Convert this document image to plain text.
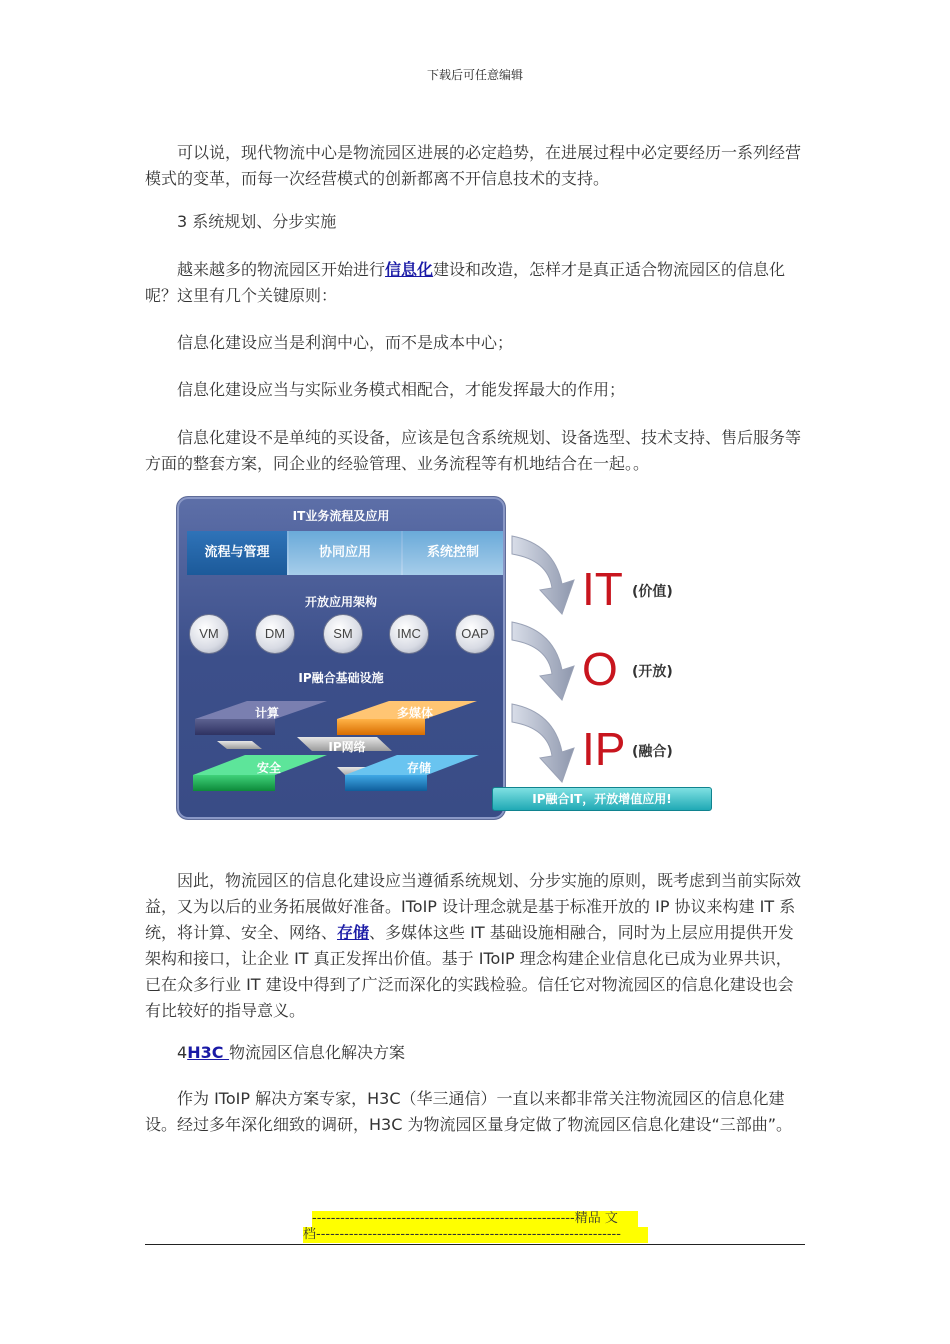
下载后可任意编辑

可以说，现代物流中心是物流园区进展的必定趋势，在进展过程中必定要经历一系列经营模式的变革，而每一次经营模式的创新都离不开信息技术的支持。

3 系统规划、分步实施

越来越多的物流园区开始进行信息化建设和改造，怎样才是真正适合物流园区的信息化呢？这里有几个关键原则：

信息化建设应当是利润中心，而不是成本中心；

信息化建设应当与实际业务模式相配合，才能发挥最大的作用；

信息化建设不是单纯的买设备，应该是包含系统规划、设备选型、技术支持、售后服务等方面的整套方案，同企业的经验管理、业务流程等有机地结合在一起。。

IT业务流程及应用
流程与管理	协同应用	系统控制
开放应用架构
VM	DM	SM	IMC	OAP
IP融合基础设施
计算	多媒体
IP网络
安全	存储
IT (价值)
O (开放)
IP (融合)
IP融合IT，开放增值应用!

因此，物流园区的信息化建设应当遵循系统规划、分步实施的原则，既考虑到当前实际效益，又为以后的业务拓展做好准备。IToIP 设计理念就是基于标准开放的 IP 协议来构建 IT 系统，将计算、安全、网络、存储、多媒体这些 IT 基础设施相融合，同时为上层应用提供开发架构和接口，让企业 IT 真正发挥出价值。基于 IToIP 理念构建企业信息化已成为业界共识，已在众多行业 IT 建设中得到了广泛而深化的实践检验。信任它对物流园区的信息化建设也会有比较好的指导意义。

4H3C 物流园区信息化解决方案

作为 IToIP 解决方案专家，H3C（华三通信）一直以来都非常关注物流园区的信息化建设。经过多年深化细致的调研，H3C 为物流园区量身定做了物流园区信息化建设“三部曲”。

--------------------------------------------------------精品 文
档-----------------------------------------------------------------
